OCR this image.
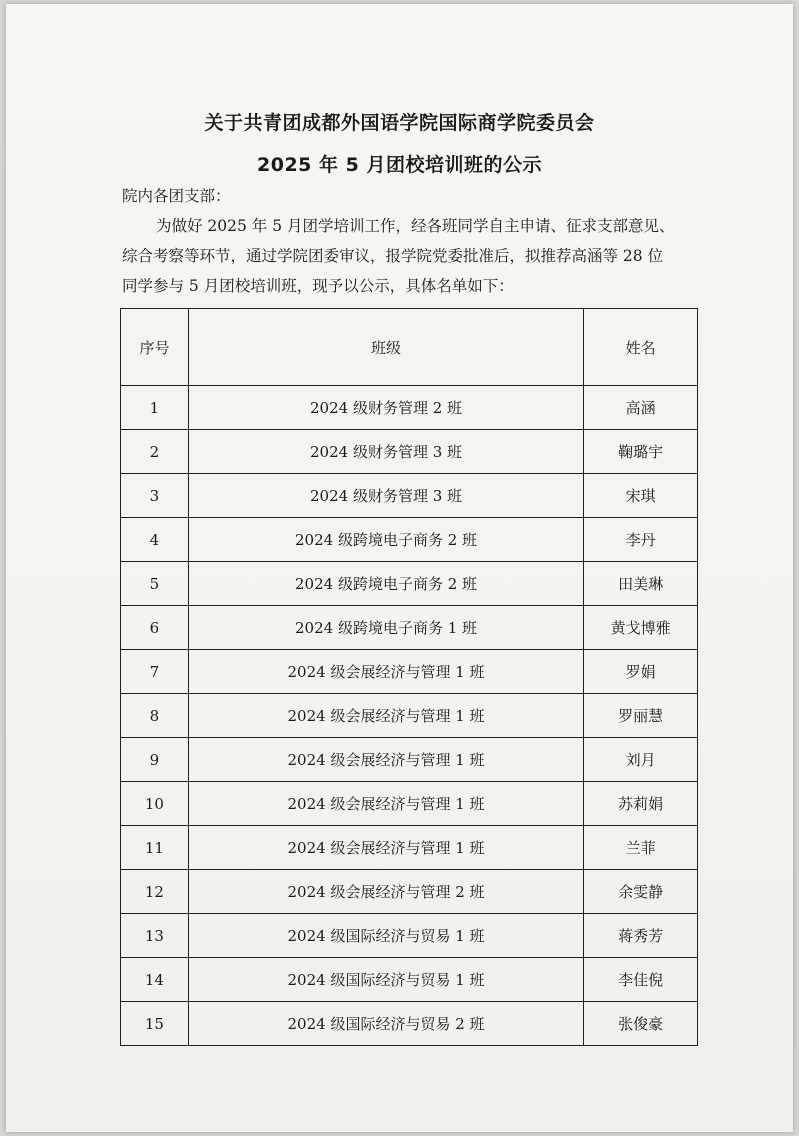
关于共青团成都外国语学院国际商学院委员会
2025 年 5 月团校培训班的公示
院内各团支部：
为做好 2025 年 5 月团学培训工作，经各班同学自主申请、征求支部意见、
综合考察等环节，通过学院团委审议，报学院党委批准后，拟推荐高涵等 28 位
同学参与 5 月团校培训班，现予以公示，具体名单如下：
序号	班级	姓名
1	2024 级财务管理 2 班	高涵
2	2024 级财务管理 3 班	鞠璐宇
3	2024 级财务管理 3 班	宋琪
4	2024 级跨境电子商务 2 班	李丹
5	2024 级跨境电子商务 2 班	田美琳
6	2024 级跨境电子商务 1 班	黄戈博雅
7	2024 级会展经济与管理 1 班	罗娟
8	2024 级会展经济与管理 1 班	罗丽慧
9	2024 级会展经济与管理 1 班	刘月
10	2024 级会展经济与管理 1 班	苏莉娟
11	2024 级会展经济与管理 1 班	兰菲
12	2024 级会展经济与管理 2 班	余雯静
13	2024 级国际经济与贸易 1 班	蒋秀芳
14	2024 级国际经济与贸易 1 班	李佳倪
15	2024 级国际经济与贸易 2 班	张俊豪
